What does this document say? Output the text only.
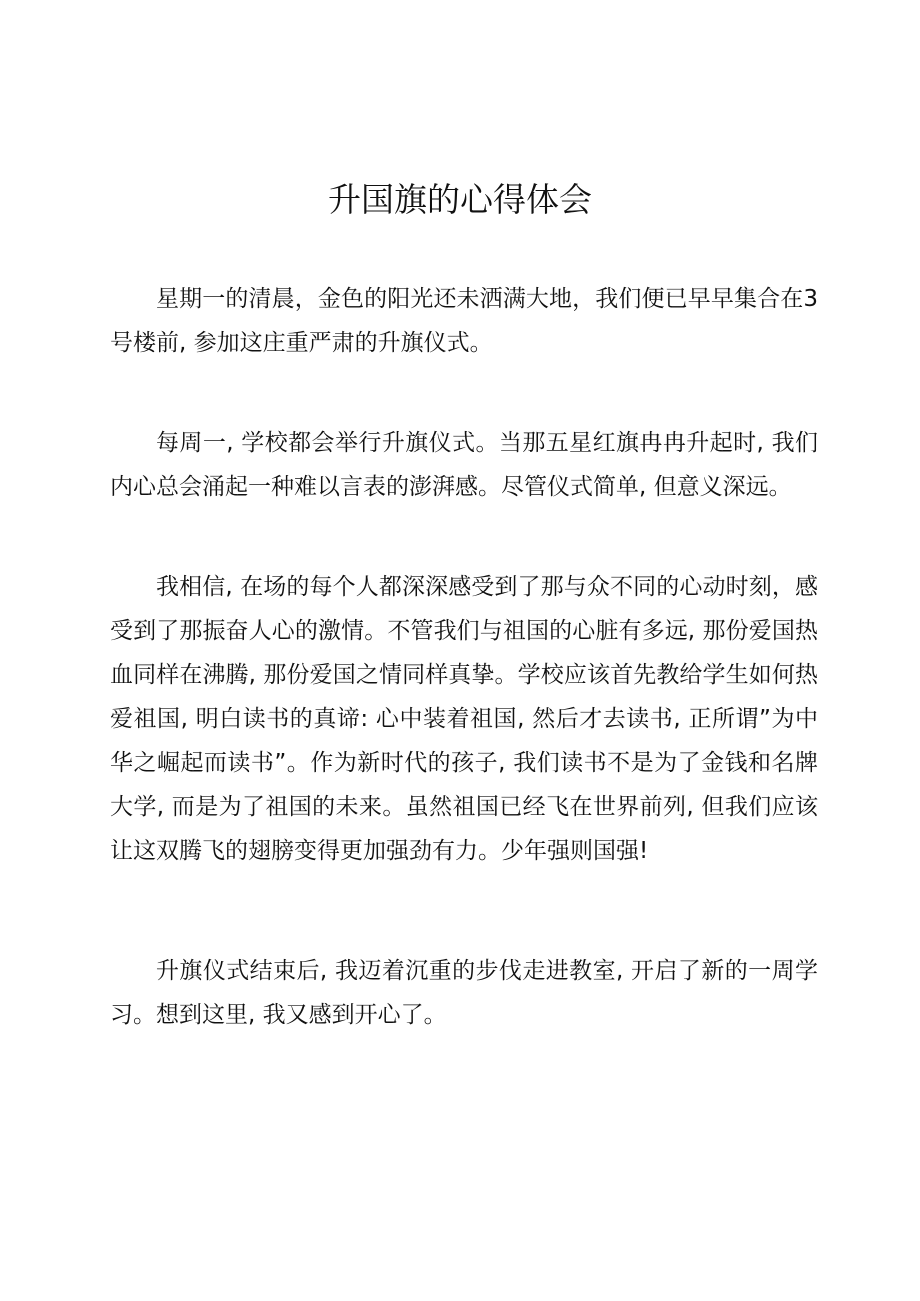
升国旗的心得体会

星期一的清晨，金色的阳光还未洒满大地，我们便已早早集合在3号楼前, 参加这庄重严肃的升旗仪式。

每周一, 学校都会举行升旗仪式。当那五星红旗冉冉升起时, 我们内心总会涌起一种难以言表的澎湃感。尽管仪式简单, 但意义深远。

我相信, 在场的每个人都深深感受到了那与众不同的心动时刻，感受到了那振奋人心的激情。不管我们与祖国的心脏有多远, 那份爱国热血同样在沸腾, 那份爱国之情同样真挚。学校应该首先教给学生如何热爱祖国, 明白读书的真谛: 心中装着祖国, 然后才去读书, 正所谓”为中华之崛起而读书”。作为新时代的孩子, 我们读书不是为了金钱和名牌大学, 而是为了祖国的未来。虽然祖国已经飞在世界前列, 但我们应该让这双腾飞的翅膀变得更加强劲有力。少年强则国强!

升旗仪式结束后, 我迈着沉重的步伐走进教室, 开启了新的一周学习。想到这里, 我又感到开心了。
